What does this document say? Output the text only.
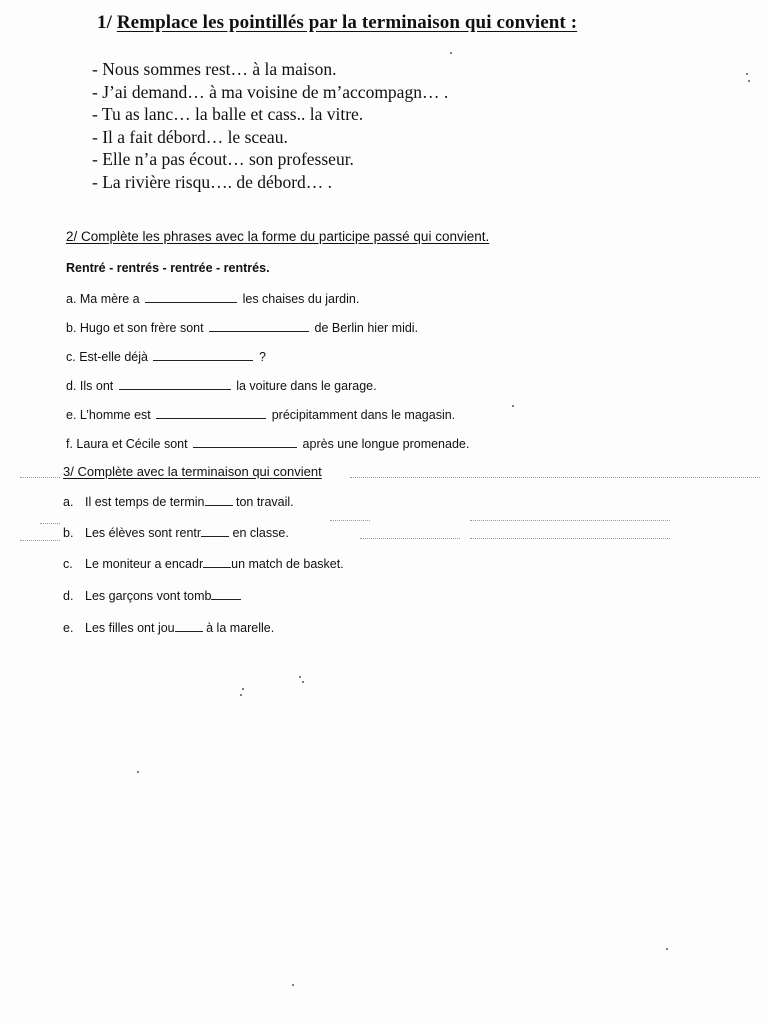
1/ Remplace les pointillés par la terminaison qui convient :
- Nous sommes rest… à la maison.
- J’ai demand… à ma voisine de m’accompagn… .
- Tu as lanc… la balle et cass.. la vitre.
- Il a fait débord… le sceau.
- Elle n’a pas écout… son professeur.
- La rivière risqu…. de débord… .
2/ Complète les phrases avec la forme du participe passé qui convient.
Rentré - rentrés - rentrée - rentrés.
a. Ma mère a	les chaises du jardin.
b. Hugo et son frère sont	de Berlin hier midi.
c. Est-elle déjà	?
d. Ils ont	la voiture dans le garage.
e. L’homme est	précipitamment dans le magasin.
f. Laura et Cécile sont	après une longue promenade.
3/ Complète avec la terminaison qui convient
a. Il est temps de termin ton travail.
b. Les élèves sont rentr en classe.
c. Le moniteur a encadr un match de basket.
d. Les garçons vont tomb
e. Les filles ont jou à la marelle.
